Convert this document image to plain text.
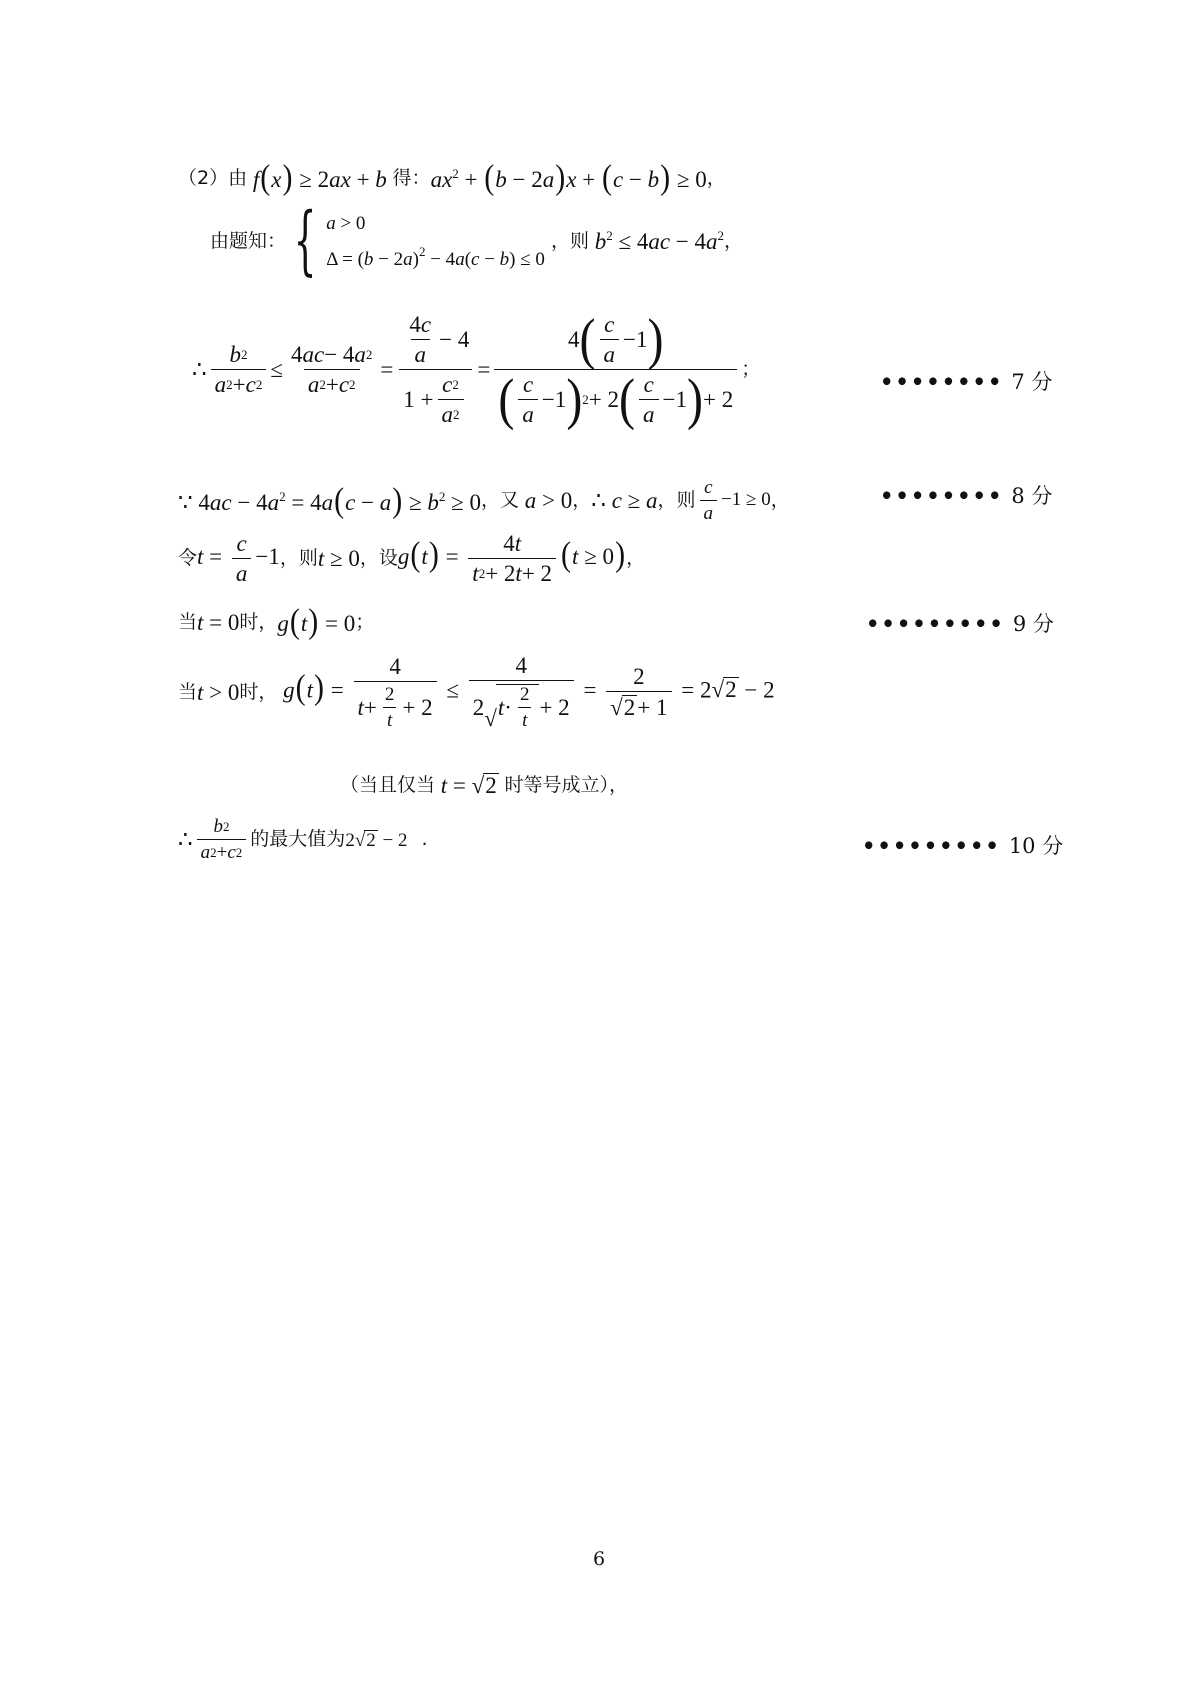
（2） 由 f(x) ≥ 2ax + b 得： $ax^2 + (b - 2a)x + (c - b) \ge 0$ ，
由题知： { a > 0
$\Delta = (b - 2a)^2 - 4a(c - b) \le 0$
，则 $b^2 \le 4ac - 4a^2$ ，
∴ $\frac{b 2}{a 2 + c 2} \le \frac{4 ac - 4 a 2}{a 2 + c 2} = \frac{\frac{4 c}{a} - 4}{1 + \frac{c 2}{a 2}} = \frac{4 ( \frac{c}{a} -1 )}{( \frac{c}{a} -1 ) 2 + 2 ( \frac{c}{a} -1 ) + 2}$ ；
∵ $4ac - 4a^2 = 4a(c - a) \ge b^2 \ge 0$ ，又 a > 0 ， ∴ c ≥ a ，则 $\frac{c}{a} -1 \ge 0$ ，
令 $t = \frac{c}{a} -1$ ，则 t ≥ 0 ，设 $g(t) = \frac{4 t}{t 2 + 2 t + 2} (t \ge 0)$ ，
当 t = 0 时， g(t) = 0 ；
当 t > 0 时， $g(t) = \frac{4}{t + \frac{2}{t} + 2} \le \frac{4}{2 √ t \cdot \frac{2}{t} + 2} = \frac{2}{√ 2 + 1} = 2$ √ 2 − 2
（当且仅当 t = √ 2
时等号成立），
∴ $\frac{b 2}{a 2 + c 2}$ 的最大值为 2 √ 2 − 2 .
•••••••• 7 分
•••••••• 8 分
••••••••• 9 分
••••••••• 10 分
6
